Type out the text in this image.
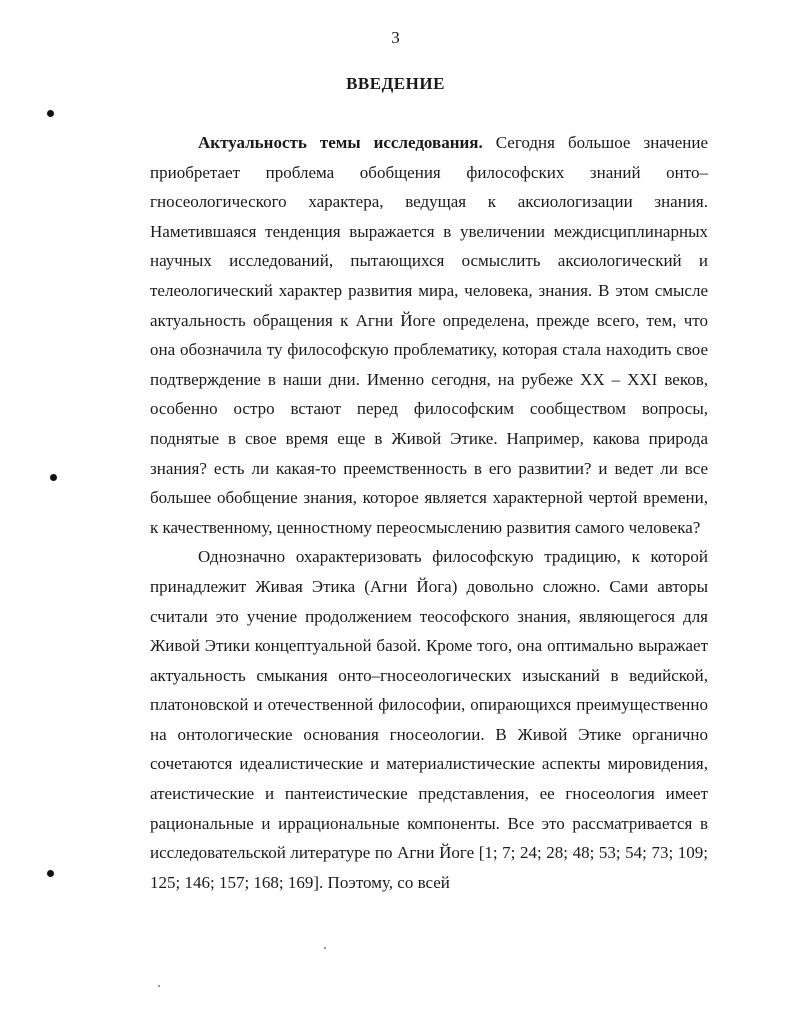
3
ВВЕДЕНИЕ

Актуальность темы исследования. Сегодня большое значение приобретает проблема обобщения философских знаний онто–гносеологического характера, ведущая к аксиологизации знания. Наметившаяся тенденция выражается в увеличении междисциплинарных научных исследований, пытающихся осмыслить аксиологический и телеологический характер развития мира, человека, знания. В этом смысле актуальность обращения к Агни Йоге определена, прежде всего, тем, что она обозначила ту философскую проблематику, которая стала находить свое подтверждение в наши дни. Именно сегодня, на рубеже XX – XXI веков, особенно остро встают перед философским сообществом вопросы, поднятые в свое время еще в Живой Этике. Например, какова природа знания? есть ли какая-то преемственность в его развитии? и ведет ли все большее обобщение знания, которое является характерной чертой времени, к качественному, ценностному переосмыслению развития самого человека?

Однозначно охарактеризовать философскую традицию, к которой принадлежит Живая Этика (Агни Йога) довольно сложно. Сами авторы считали это учение продолжением теософского знания, являющегося для Живой Этики концептуальной базой. Кроме того, она оптимально выражает актуальность смыкания онто–гносеологических изысканий в ведийской, платоновской и отечественной философии, опирающихся преимущественно на онтологические основания гносеологии. В Живой Этике органично сочетаются идеалистические и материалистические аспекты мировидения, атеистические и пантеистические представления, ее гносеология имеет рациональные и иррациональные компоненты. Все это рассматривается в исследовательской литературе по Агни Йоге [1; 7; 24; 28; 48; 53; 54; 73; 109; 125; 146; 157; 168; 169]. Поэтому, со всей
